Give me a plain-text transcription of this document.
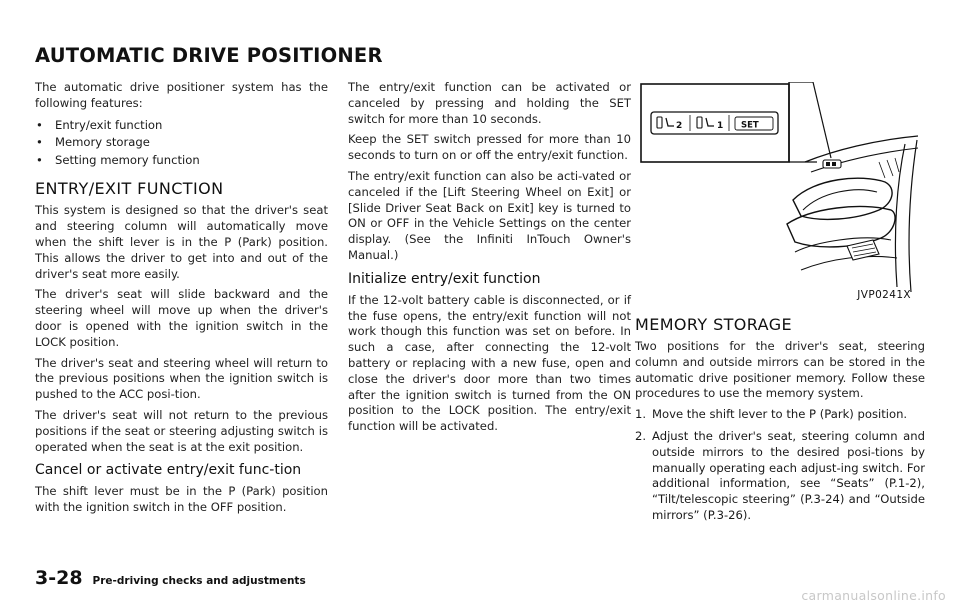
AUTOMATIC DRIVE POSITIONER

The automatic drive positioner system has the following features:

• Entry/exit function
• Memory storage
• Setting memory function
ENTRY/EXIT FUNCTION

This system is designed so that the driver's seat and steering column will automatically move when the shift lever is in the P (Park) position. This allows the driver to get into and out of the driver's seat more easily.

The driver's seat will slide backward and the steering wheel will move up when the driver's door is opened with the ignition switch in the LOCK position.

The driver's seat and steering wheel will return to the previous positions when the ignition switch is pushed to the ACC posi-tion.

The driver's seat will not return to the previous positions if the seat or steering adjusting switch is operated when the seat is at the exit position.

Cancel or activate entry/exit func-tion

The shift lever must be in the P (Park) position with the ignition switch in the OFF position.

The entry/exit function can be activated or canceled by pressing and holding the SET switch for more than 10 seconds.

Keep the SET switch pressed for more than 10 seconds to turn on or off the entry/exit function.

The entry/exit function can also be acti-vated or canceled if the [Lift Steering Wheel on Exit] or [Slide Driver Seat Back on Exit] key is turned to ON or OFF in the Vehicle Settings on the center display. (See the Infiniti InTouch Owner's Manual.)

Initialize entry/exit function

If the 12-volt battery cable is disconnected, or if the fuse opens, the entry/exit function will not work though this function was set on before. In such a case, after connecting the 12-volt battery or replacing with a new fuse, open and close the driver's door more than two times after the ignition switch is turned from the ON position to the LOCK position. The entry/exit function will be activated.

2	1 SET
JVP0241X
MEMORY STORAGE

Two positions for the driver's seat, steering column and outside mirrors can be stored in the automatic drive positioner memory. Follow these procedures to use the memory system.

1. Move the shift lever to the P (Park) position.
2. Adjust the driver's seat, steering column and outside mirrors to the desired posi-tions by manually operating each adjust-ing switch. For additional information, see “Seats” (P.1-2), “Tilt/telescopic steering” (P.3-24) and “Outside mirrors” (P.3-26).
3-28 Pre-driving checks and adjustments
carmanualsonline.info
